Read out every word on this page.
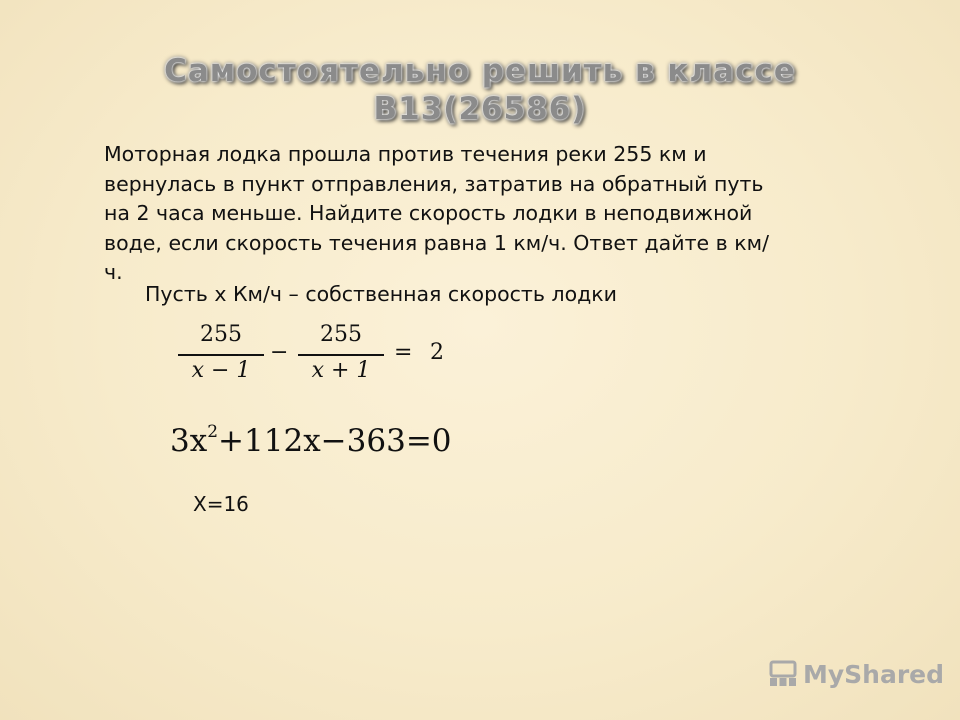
Самостоятельно решить в классе
В13(26586)
Моторная лодка прошла против течения реки 255 км и вернулась в пункт отправления, затратив на обратный путь на 2 часа меньше. Найдите скорость лодки в неподвижной воде, если скорость течения равна 1 км/ч. Ответ дайте в км/ч.
Пусть х Км/ч – собственная скорость лодки
255
x − 1
−
255
x + 1
= 2
$3x^2+112x-363=0$
Х=16
MyShared
